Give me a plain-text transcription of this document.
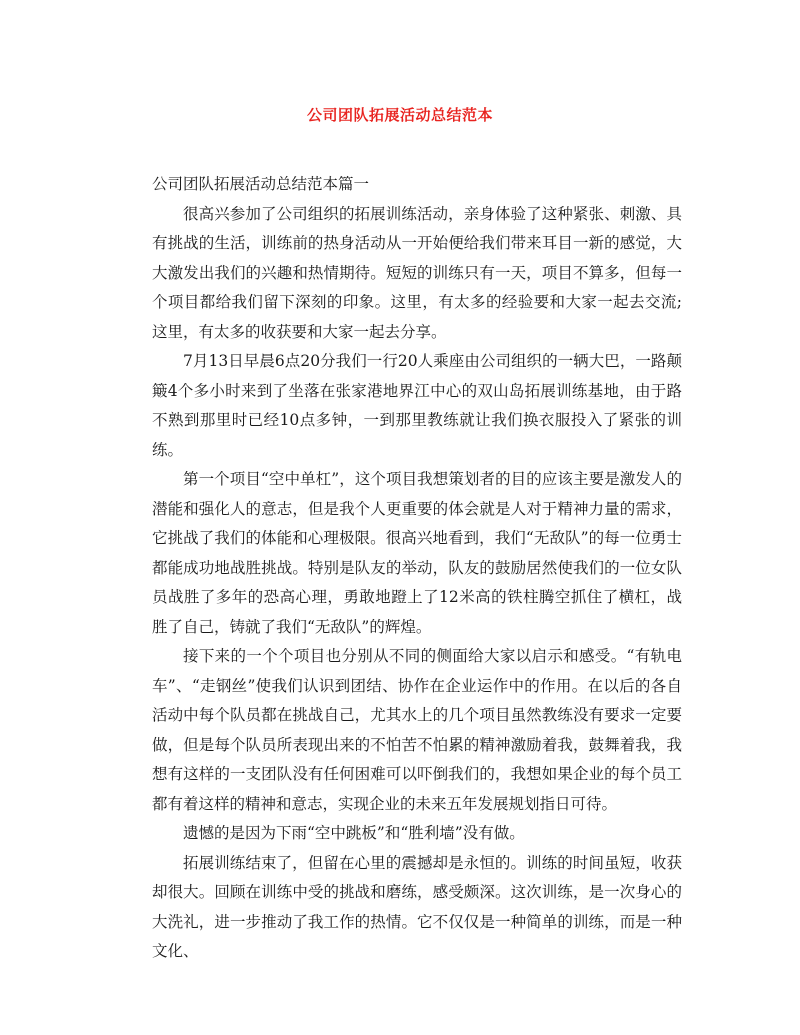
公司团队拓展活动总结范本

公司团队拓展活动总结范本篇一

很高兴参加了公司组织的拓展训练活动，亲身体验了这种紧张、刺激、具有挑战的生活，训练前的热身活动从一开始便给我们带来耳目一新的感觉，大大激发出我们的兴趣和热情期待。短短的训练只有一天，项目不算多，但每一个项目都给我们留下深刻的印象。这里，有太多的经验要和大家一起去交流;这里，有太多的收获要和大家一起去分享。

7月13日早晨6点20分我们一行20人乘座由公司组织的一辆大巴，一路颠簸4个多小时来到了坐落在张家港地界江中心的双山岛拓展训练基地，由于路不熟到那里时已经10点多钟，一到那里教练就让我们换衣服投入了紧张的训练。

第一个项目“空中单杠”，这个项目我想策划者的目的应该主要是激发人的潜能和强化人的意志，但是我个人更重要的体会就是人对于精神力量的需求，它挑战了我们的体能和心理极限。很高兴地看到，我们“无敌队”的每一位勇士都能成功地战胜挑战。特别是队友的举动，队友的鼓励居然使我们的一位女队员战胜了多年的恐高心理，勇敢地蹬上了12米高的铁柱腾空抓住了横杠，战胜了自己，铸就了我们“无敌队”的辉煌。

接下来的一个个项目也分别从不同的侧面给大家以启示和感受。“有轨电车”、“走钢丝”使我们认识到团结、协作在企业运作中的作用。在以后的各自活动中每个队员都在挑战自己，尤其水上的几个项目虽然教练没有要求一定要做，但是每个队员所表现出来的不怕苦不怕累的精神激励着我，鼓舞着我，我想有这样的一支团队没有任何困难可以吓倒我们的，我想如果企业的每个员工都有着这样的精神和意志，实现企业的未来五年发展规划指日可待。

遗憾的是因为下雨“空中跳板”和“胜利墙”没有做。

拓展训练结束了，但留在心里的震撼却是永恒的。训练的时间虽短，收获却很大。回顾在训练中受的挑战和磨练，感受颇深。这次训练，是一次身心的大洗礼，进一步推动了我工作的热情。它不仅仅是一种简单的训练，而是一种文化、
